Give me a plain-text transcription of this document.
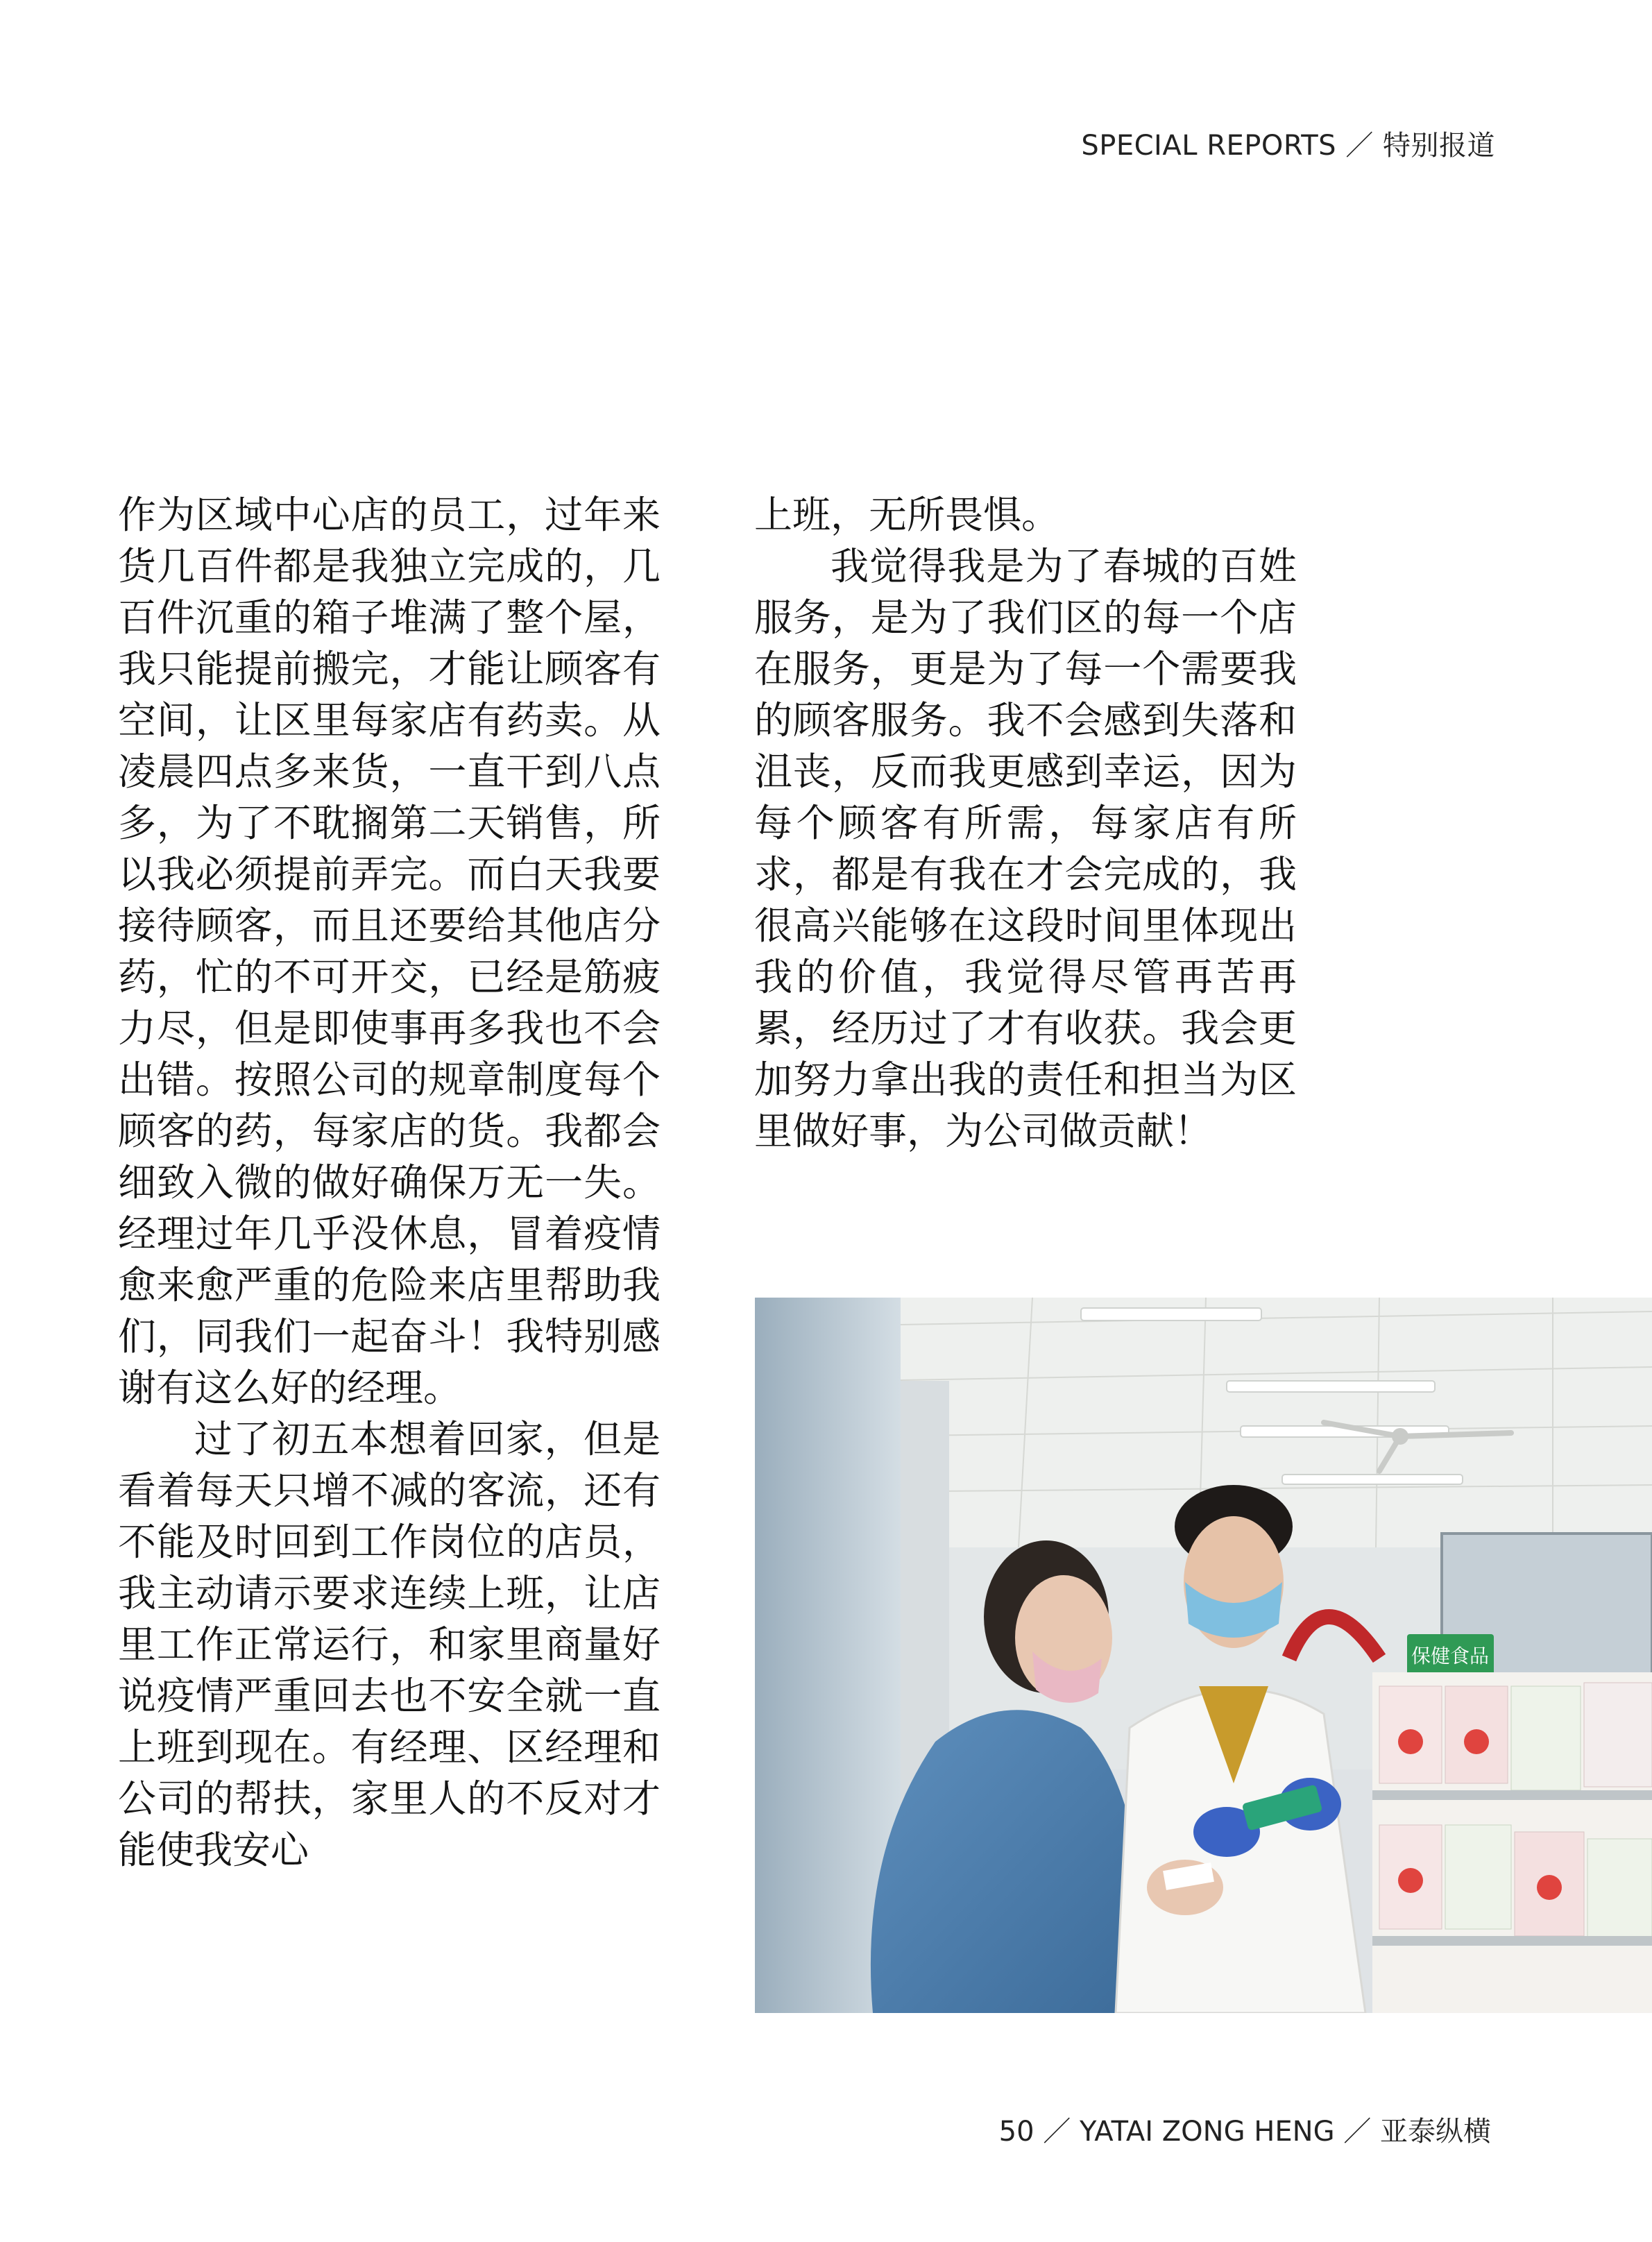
SPECIAL REPORTS ／ 特别报道

作为区域中心店的员工，过年来货几百件都是我独立完成的，几百件沉重的箱子堆满了整个屋，我只能提前搬完，才能让顾客有空间，让区里每家店有药卖。从凌晨四点多来货，一直干到八点多，为了不耽搁第二天销售，所以我必须提前弄完。而白天我要接待顾客，而且还要给其他店分药，忙的不可开交，已经是筋疲力尽，但是即使事再多我也不会出错。按照公司的规章制度每个顾客的药，每家店的货。我都会细致入微的做好确保万无一失。经理过年几乎没休息，冒着疫情愈来愈严重的危险来店里帮助我们，同我们一起奋斗！我特别感谢有这么好的经理。

过了初五本想着回家，但是看着每天只增不减的客流，还有不能及时回到工作岗位的店员，我主动请示要求连续上班，让店里工作正常运行，和家里商量好说疫情严重回去也不安全就一直上班到现在。有经理、区经理和公司的帮扶，家里人的不反对才能使我安心

上班，无所畏惧。

我觉得我是为了春城的百姓服务，是为了我们区的每一个店在服务，更是为了每一个需要我的顾客服务。我不会感到失落和沮丧，反而我更感到幸运，因为每个顾客有所需，每家店有所求，都是有我在才会完成的，我很高兴能够在这段时间里体现出我的价值，我觉得尽管再苦再累，经历过了才有收获。我会更加努力拿出我的责任和担当为区里做好事，为公司做贡献！

保健食品
50 ／ YATAI ZONG HENG ／ 亚泰纵横
